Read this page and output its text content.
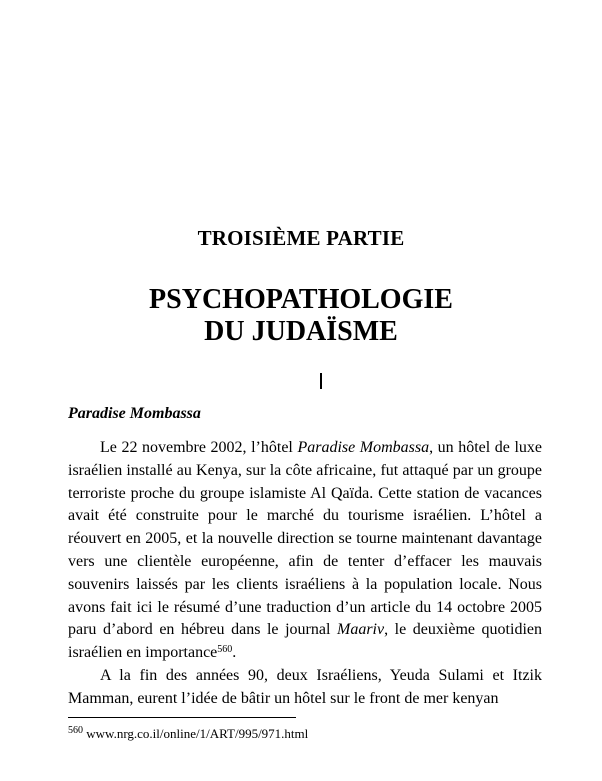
TROISIÈME PARTIE
PSYCHOPATHOLOGIE
DU JUDAÏSME
Paradise Mombassa

Le 22 novembre 2002, l’hôtel Paradise Mombassa, un hôtel de luxe israélien installé au Kenya, sur la côte africaine, fut attaqué par un groupe terroriste proche du groupe islamiste Al Qaïda. Cette station de vacances avait été construite pour le marché du tourisme israélien. L’hôtel a réouvert en 2005, et la nouvelle direction se tourne maintenant davantage vers une clientèle européenne, afin de tenter d’effacer les mauvais souvenirs laissés par les clients israéliens à la population locale. Nous avons fait ici le résumé d’une traduction d’un article du 14 octobre 2005 paru d’abord en hébreu dans le journal Maariv, le deuxième quotidien israélien en importance$^{560}$.

A la fin des années 90, deux Israéliens, Yeuda Sulami et Itzik Mamman, eurent l’idée de bâtir un hôtel sur le front de mer kenyan

$^{560}$ www.nrg.co.il/online/1/ART/995/971.html
